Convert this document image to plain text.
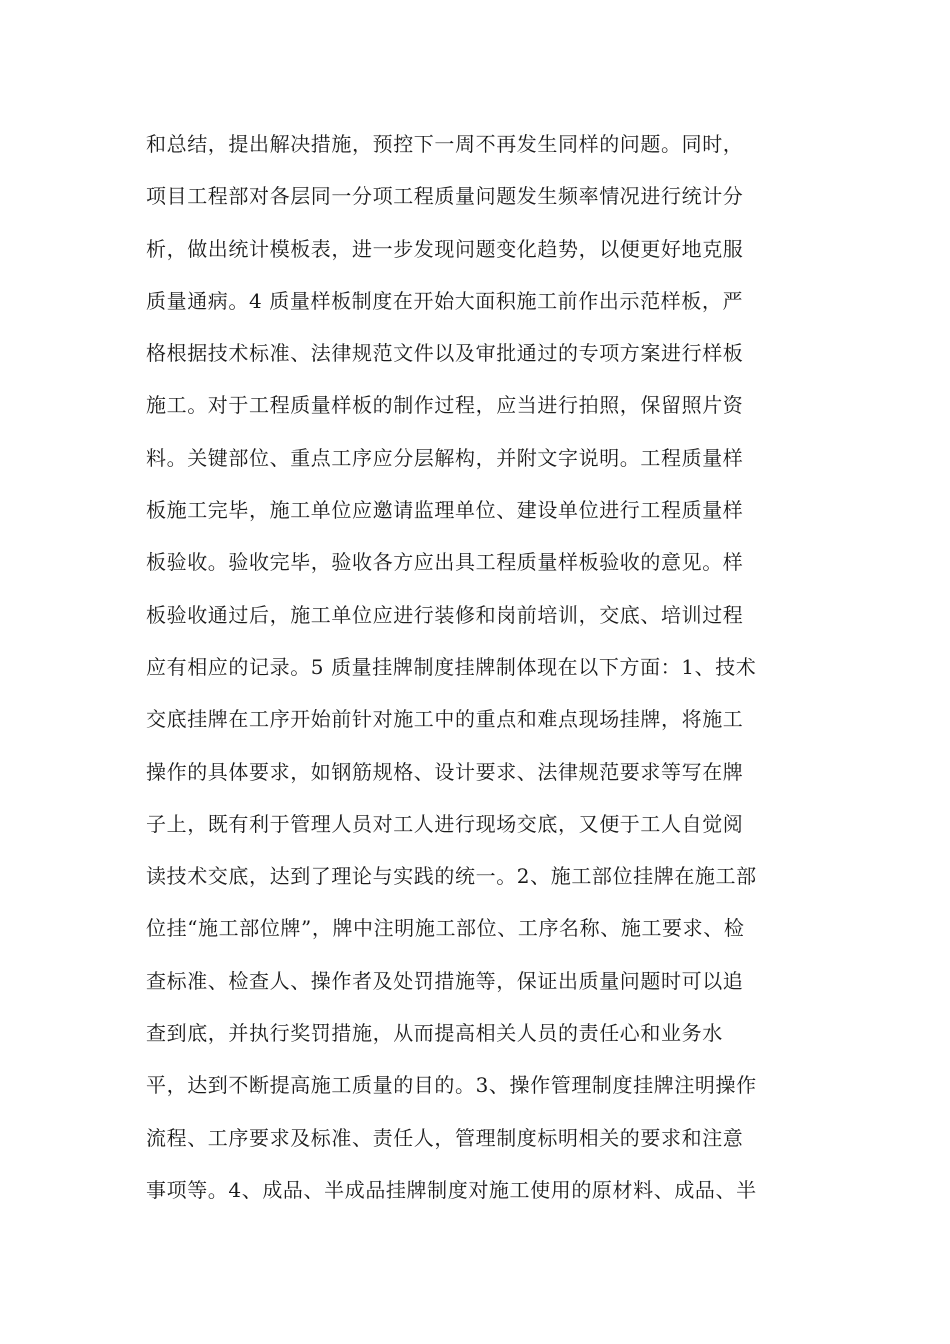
和总结，提出解决措施，预控下一周不再发生同样的问题。同时，
项目工程部对各层同一分项工程质量问题发生频率情况进行统计分
析，做出统计模板表，进一步发现问题变化趋势，以便更好地克服
质量通病。4 质量样板制度在开始大面积施工前作出示范样板，严
格根据技术标准、法律规范文件以及审批通过的专项方案进行样板
施工。对于工程质量样板的制作过程，应当进行拍照，保留照片资
料。关键部位、重点工序应分层解构，并附文字说明。工程质量样
板施工完毕，施工单位应邀请监理单位、建设单位进行工程质量样
板验收。验收完毕，验收各方应出具工程质量样板验收的意见。样
板验收通过后，施工单位应进行装修和岗前培训，交底、培训过程
应有相应的记录。5 质量挂牌制度挂牌制体现在以下方面：1、技术
交底挂牌在工序开始前针对施工中的重点和难点现场挂牌，将施工
操作的具体要求，如钢筋规格、设计要求、法律规范要求等写在牌
子上，既有利于管理人员对工人进行现场交底，又便于工人自觉阅
读技术交底，达到了理论与实践的统一。2、施工部位挂牌在施工部
位挂“施工部位牌”，牌中注明施工部位、工序名称、施工要求、检
查标准、检查人、操作者及处罚措施等，保证出质量问题时可以追
查到底，并执行奖罚措施，从而提高相关人员的责任心和业务水
平，达到不断提高施工质量的目的。3、操作管理制度挂牌注明操作
流程、工序要求及标准、责任人，管理制度标明相关的要求和注意
事项等。4、成品、半成品挂牌制度对施工使用的原材料、成品、半
